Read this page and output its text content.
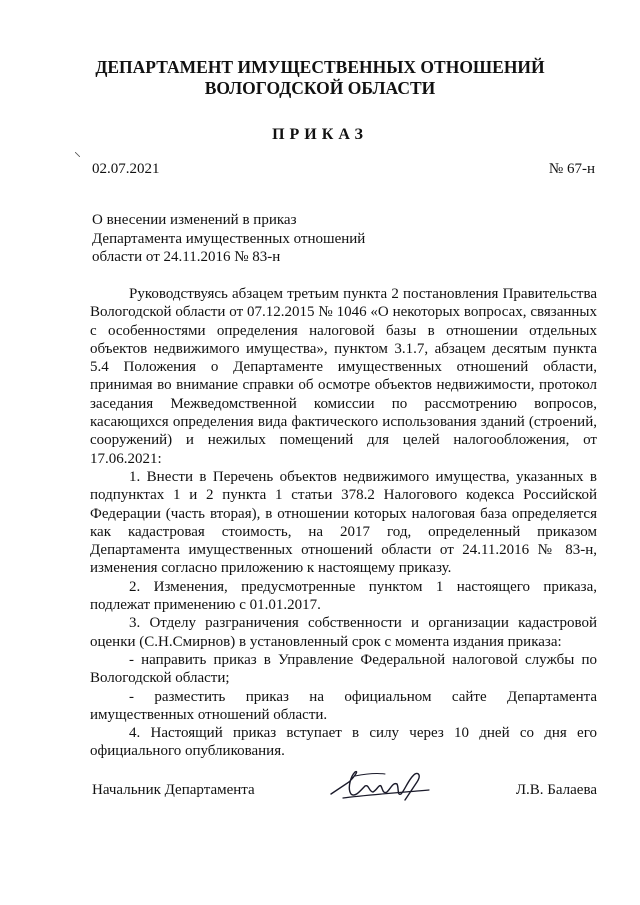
ДЕПАРТАМЕНТ ИМУЩЕСТВЕННЫХ ОТНОШЕНИЙ
ВОЛОГОДСКОЙ ОБЛАСТИ
ПРИКАЗ
02.07.2021	№ 67-н
О внесении изменений в приказ
Департамента имущественных отношений
области от 24.11.2016 № 83-н

Руководствуясь абзацем третьим пункта 2 постановления Правительства Вологодской области от 07.12.2015 № 1046 «О некоторых вопросах, связанных с особенностями определения налоговой базы в отношении отдельных объектов недвижимого имущества», пунктом 3.1.7, абзацем десятым пункта 5.4 Положения о Департаменте имущественных отношений области, принимая во внимание справки об осмотре объектов недвижимости, протокол заседания Межведомственной комиссии по рассмотрению вопросов, касающихся определения вида фактического использования зданий (строений, сооружений) и нежилых помещений для целей налогообложения, от 17.06.2021:

1. Внести в Перечень объектов недвижимого имущества, указанных в подпунктах 1 и 2 пункта 1 статьи 378.2 Налогового кодекса Российской Федерации (часть вторая), в отношении которых налоговая база определяется как кадастровая стоимость, на 2017 год, определенный приказом Департамента имущественных отношений области от 24.11.2016 № 83-н, изменения согласно приложению к настоящему приказу.

2. Изменения, предусмотренные пунктом 1 настоящего приказа, подлежат применению с 01.01.2017.

3. Отделу разграничения собственности и организации кадастровой оценки (С.Н.Смирнов) в установленный срок с момента издания приказа:

- направить приказ в Управление Федеральной налоговой службы по Вологодской области;

- разместить приказ на официальном сайте Департамента имущественных отношений области.

4. Настоящий приказ вступает в силу через 10 дней со дня его официального опубликования.

Начальник Департамента	Л.В. Балаева
